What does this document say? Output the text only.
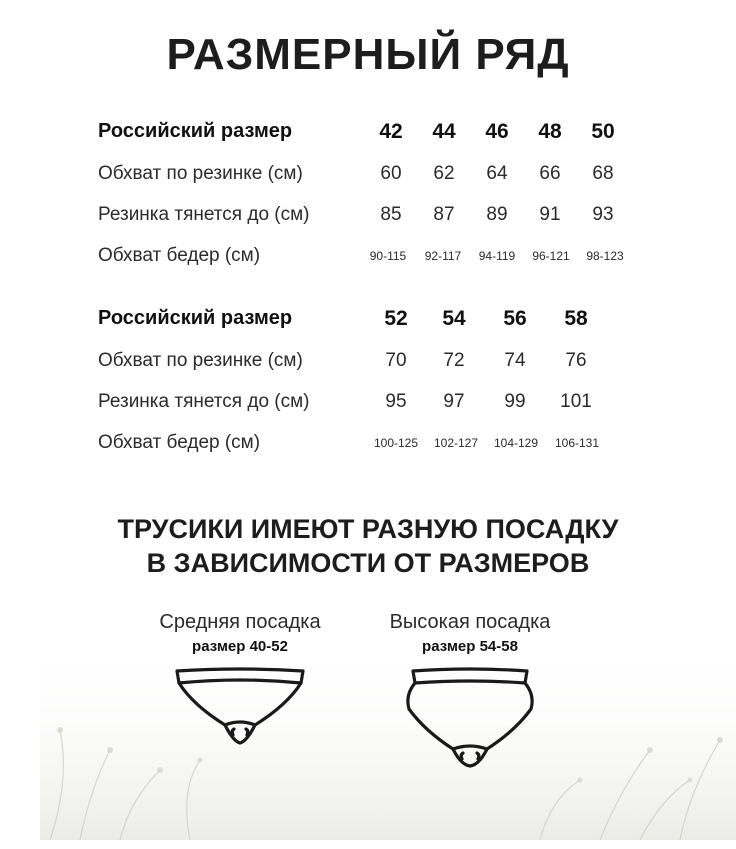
РАЗМЕРНЫЙ РЯД
Российский размер	42	44	46	48	50
Обхват по резинке (см)	60	62	64	66	68
Резинка тянется до (см)	85	87	89	91	93
Обхват бедер (см)	90-115	92-117	94-119	96-121	98-123
Российский размер	52	54	56	58
Обхват по резинке (см)	70	72	74	76
Резинка тянется до (см)	95	97	99	101
Обхват бедер (см)	100-125	102-127	104-129	106-131
ТРУСИКИ ИМЕЮТ РАЗНУЮ ПОСАДКУ
В ЗАВИСИМОСТИ ОТ РАЗМЕРОВ
Средняя посадка
размер 40-52
Высокая посадка
размер 54-58
